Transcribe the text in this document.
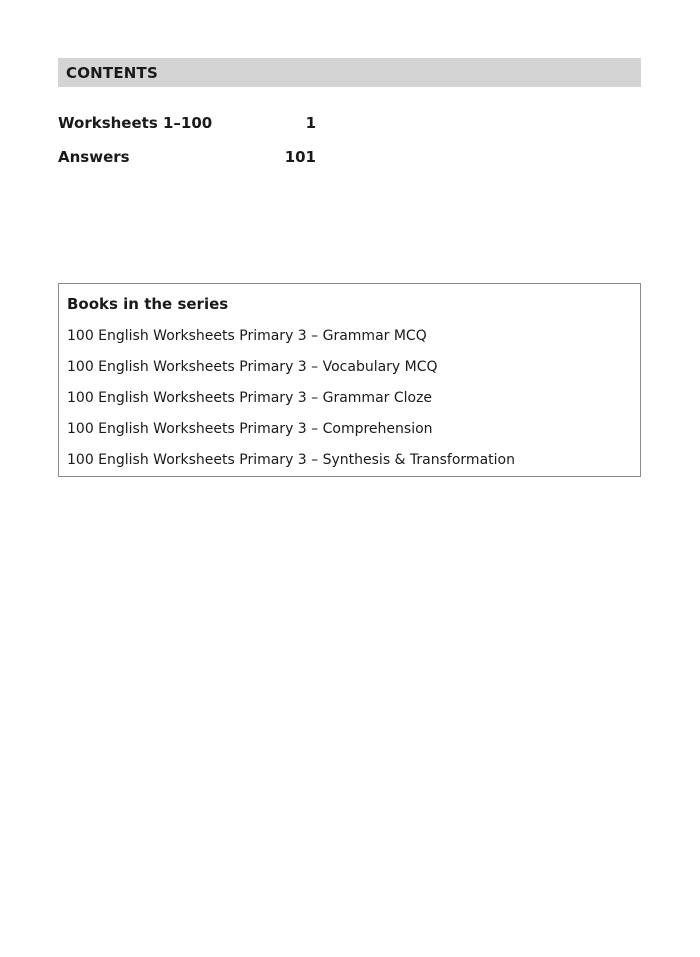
CONTENTS
Worksheets 1–100	1
Answers	101
Books in the series
100 English Worksheets Primary 3 – Grammar MCQ
100 English Worksheets Primary 3 – Vocabulary MCQ
100 English Worksheets Primary 3 – Grammar Cloze
100 English Worksheets Primary 3 – Comprehension
100 English Worksheets Primary 3 – Synthesis & Transformation
